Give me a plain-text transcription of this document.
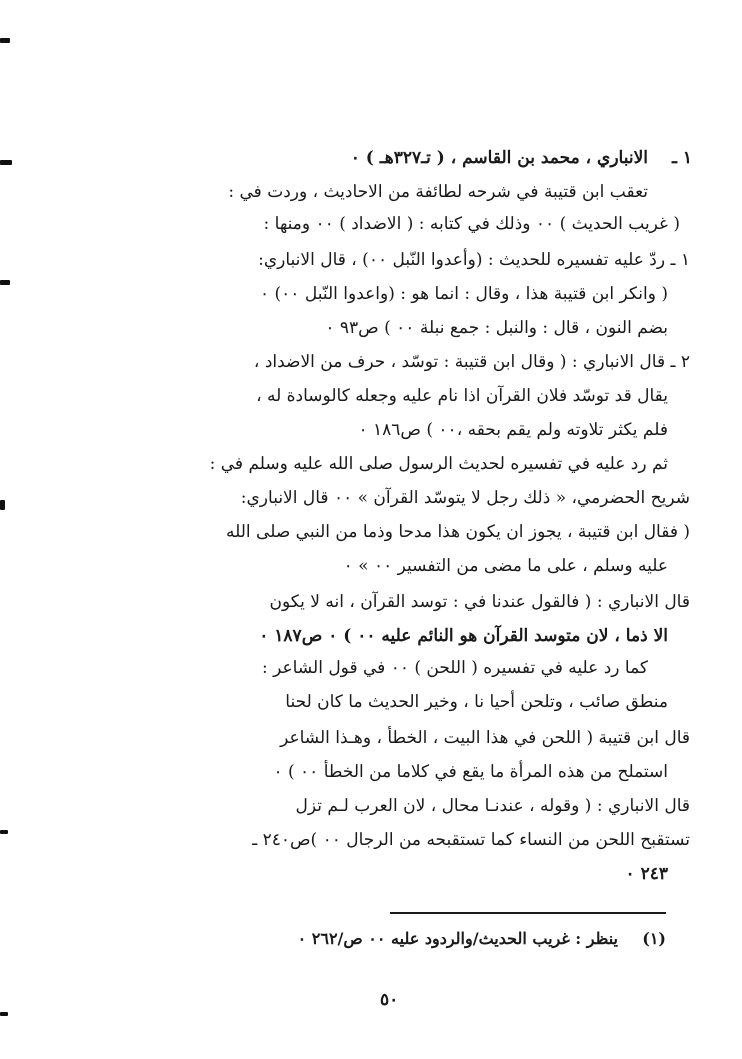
١ ـ
الانباري ، محمد بن القاسم ، ( تـ٣٢٧هـ ) ٠
تعقب ابن قتيبة في شرحه لطائفة من الاحاديث ، وردت في :
( غريب الحديث ) ٠٠ وذلك في كتابه : ( الاضداد ) ٠٠ ومنها :
١ ـ ردّ عليه تفسيره للحديث : (وأعدوا النّبل ٠٠) ، قال الانباري:
( وانكر ابن قتيبة هذا ، وقال : انما هو : (واعدوا النّبل ٠٠) ٠
بضم النون ، قال : والنبل : جمع نبلة ٠٠ ) ص٩٣ ٠
٢ ـ قال الانباري : ( وقال ابن قتيبة : توسّد ، حرف من الاضداد ،
يقال قد توسّد فلان القرآن اذا نام عليه وجعله كالوسادة له ،
فلم يكثر تلاوته ولم يقم بحقه ،٠٠ ) ص١٨٦ ٠
ثم رد عليه في تفسيره لحديث الرسول صلى الله عليه وسلم في :
شريح الحضرمي، « ذلك رجل لا يتوسّد القرآن » ٠٠ قال الانباري:
( فقال ابن قتيبة ، يجوز ان يكون هذا مدحا وذما من النبي صلى الله
عليه وسلم ، على ما مضى من التفسير ٠٠ » ٠
قال الانباري : ( فالقول عندنا في : توسد القرآن ، انه لا يكون
الا ذما ، لان متوسد القرآن هو النائم عليه ٠٠ ) ٠ ص١٨٧ ٠
كما رد عليه في تفسيره ( اللحن ) ٠٠ في قول الشاعر :
منطق صائب ، وتلحن أحيا نا ، وخير الحديث ما كان لحنا
قال ابن قتيبة ( اللحن في هذا البيت ، الخطأ ، وهـذا الشاعر
استملح من هذه المرأة ما يقع في كلاما من الخطأ ٠٠ ) ٠
قال الانباري : ( وقوله ، عندنـا محال ، لان العرب لـم تزل
تستقبح اللحن من النساء كما تستقبحه من الرجال ٠٠ )ص٢٤٠ ـ
٢٤٣ ٠
(١)
ينظر : غريب الحديث/والردود عليه ٠٠ ص/٢٦٢ ٠
٥٠
